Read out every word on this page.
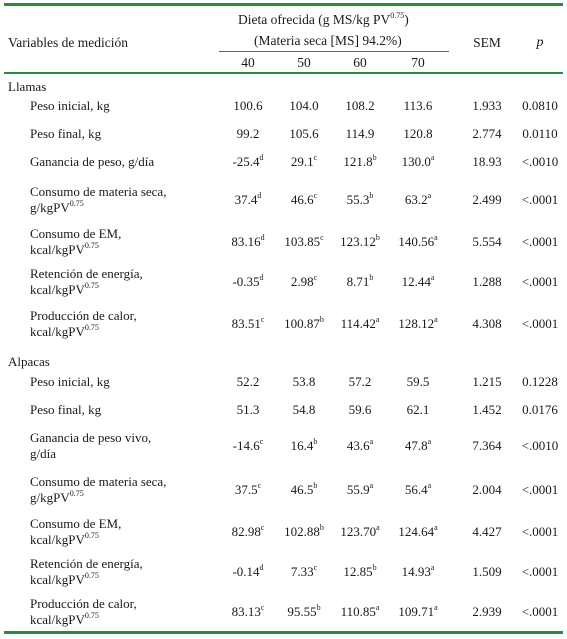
Variables de medición
Dieta ofrecida (g MS/kg $PV^{0.75}$)
(Materia seca [MS] 94.2%)
40	50	60	70
SEM	p
Llamas
Peso inicial, kg	100.6	104.0	108.2	113.6	1.933	0.0810
Peso final, kg	99.2	105.6	114.9	120.8	2.774	0.0110
Ganancia de peso, g/día	-25.4$^d$	29.1$^c$	121.8$^b$	130.0$^a$	18.93	<.0010
Consumo de materia seca,
g/kgPV$^{0.75}$	37.4$^d$	46.6$^c$	55.3$^b$	63.2$^a$	2.499	<.0001
Consumo de EM,
kcal/kgPV$^{0.75}$	83.16$^d$	103.85$^c$	123.12$^b$	140.56$^a$	5.554	<.0001
Retención de energía,
kcal/kgPV$^{0.75}$	-0.35$^d$	2.98$^c$	8.71$^b$	12.44$^a$	1.288	<.0001
Producción de calor,
kcal/kgPV$^{0.75}$	83.51$^c$	100.87$^b$	114.42$^a$	128.12$^a$	4.308	<.0001
Alpacas
Peso inicial, kg	52.2	53.8	57.2	59.5	1.215	0.1228
Peso final, kg	51.3	54.8	59.6	62.1	1.452	0.0176
Ganancia de peso vivo,
g/día
-14.6$^c$	16.4$^b$	43.6$^a$	47.8$^a$	7.364	<.0010
Consumo de materia seca,
g/kgPV$^{0.75}$	37.5$^c$	46.5$^b$	55.9$^a$	56.4$^a$	2.004	<.0001
Consumo de EM,
kcal/kgPV$^{0.75}$	82.98$^c$	102.88$^b$	123.70$^a$	124.64$^a$	4.427	<.0001
Retención de energía,
kcal/kgPV$^{0.75}$	-0.14$^d$	7.33$^c$	12.85$^b$	14.93$^a$	1.509	<.0001
Producción de calor,
kcal/kgPV$^{0.75}$	83.13$^c$	95.55$^b$	110.85$^a$	109.71$^a$	2.939	<.0001
